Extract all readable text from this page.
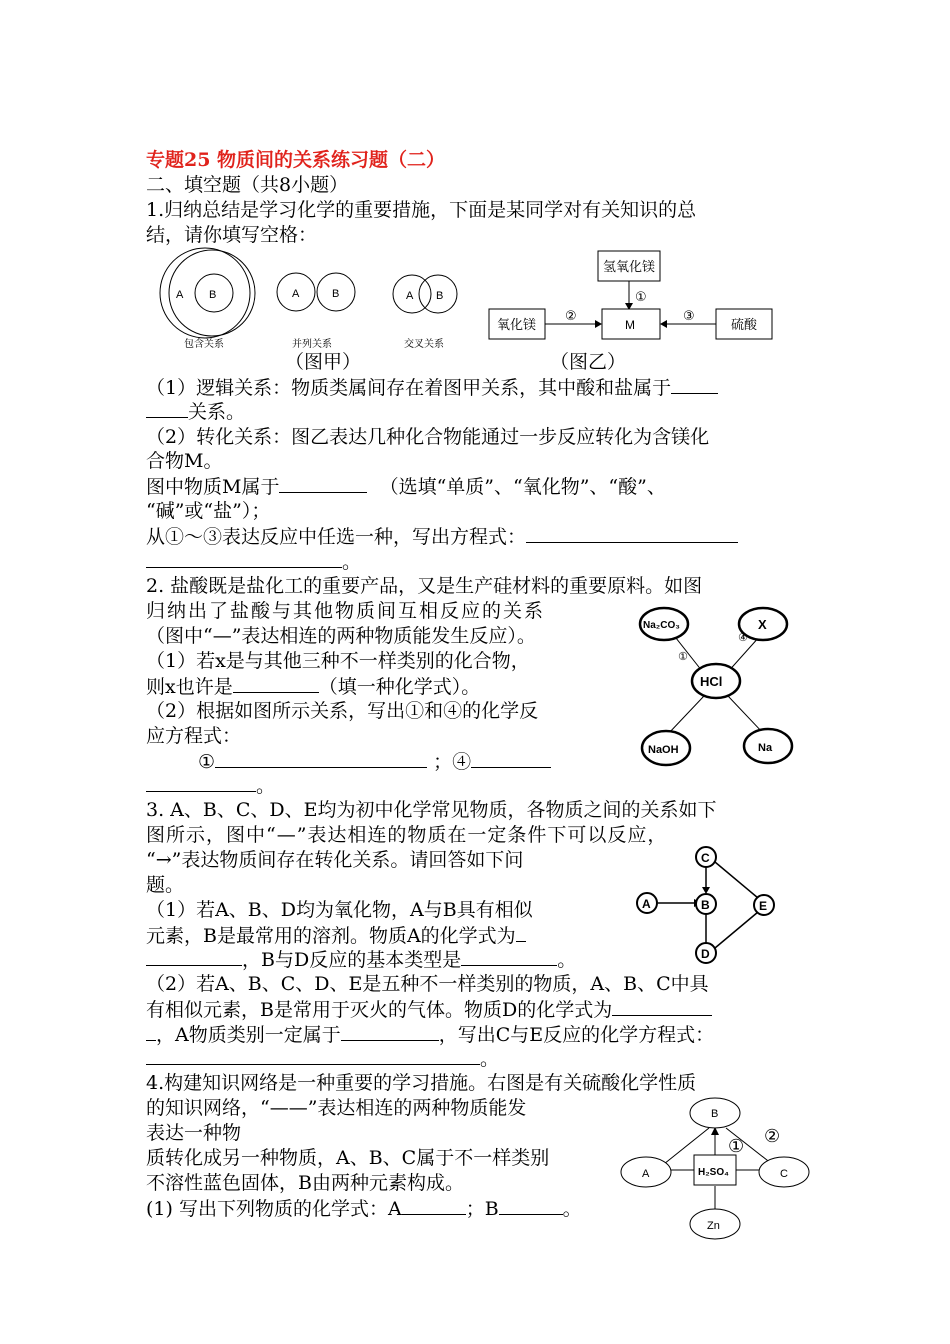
专题25 物质间的关系练习题（二）
二、填空题（共8小题）
1.归纳总结是学习化学的重要措施，下面是某同学对有关知识的总
结，请你填写空格：
A B
包含关系
A	B
并列关系
A B
交叉关系
氢氧化镁
①
氧化镁
②
M
③
硫酸
（图甲）	（图乙）
（1）逻辑关系：物质类属间存在着图甲关系，其中酸和盐属于
关系。
（2）转化关系：图乙表达几种化合物能通过一步反应转化为含镁化
合物M。
图中物质M属于	（选填“单质”、“氧化物”、“酸”、
“碱”或“盐”）；
从①～③表达反应中任选一种，写出方程式：
。
2. 盐酸既是盐化工的重要产品，又是生产硅材料的重要原料。如图
归纳出了盐酸与其他物质间互相反应的关系
（图中“—”表达相连的两种物质能发生反应）。
（1）若x是与其他三种不一样类别的化合物，
则x也许是	（填一种化学式）。
（2）根据如图所示关系，写出①和④的化学反
应方程式：
①	；④
。
Na₂CO₃	X
HCl
NaOH	Na
①
④
3. A、B、C、D、E均为初中化学常见物质，各物质之间的关系如下
图所示，图中“—”表达相连的物质在一定条件下可以反应，
“→”表达物质间存在转化关系。请回答如下问
题。
（1）若A、B、D均为氧化物，A与B具有相似
元素，B是最常用的溶剂。物质A的化学式为
，B与D反应的基本类型是	。
（2）若A、B、C、D、E是五种不一样类别的物质，A、B、C中具
有相似元素，B是常用于灭火的气体。物质D的化学式为
，A物质类别一定属于	，写出C与E反应的化学方程式：
。
A
C
B	E
D
4.构建知识网络是一种重要的学习措施。右图是有关硫酸化学性质
的知识网络，“——”表达相连的两种物质能发
表达一种物
质转化成另一种物质，A、B、C属于不一样类别
不溶性蓝色固体，B由两种元素构成。
(1) 写出下列物质的化学式：A	；B	。
B
A	H₂SO₄	C
Zn
① ②
